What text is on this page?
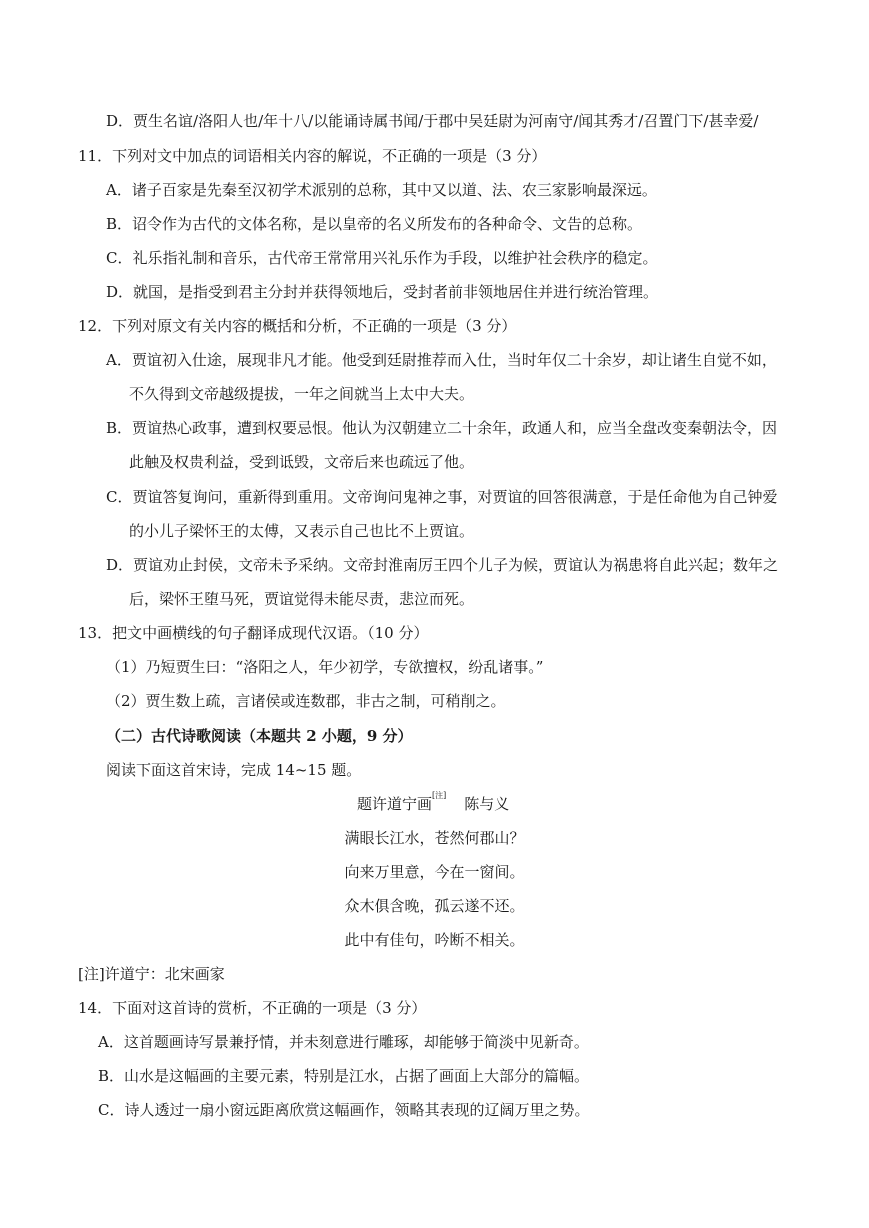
D．贾生名谊/洛阳人也/年十八/以能诵诗属书闻/于郡中吴廷尉为河南守/闻其秀才/召置门下/甚幸爱/
11．下列对文中加点的词语相关内容的解说，不正确的一项是（3 分）
A．诸子百家是先秦至汉初学术派别的总称，其中又以道、法、农三家影响最深远。
B．诏令作为古代的文体名称，是以皇帝的名义所发布的各种命令、文告的总称。
C．礼乐指礼制和音乐，古代帝王常常用兴礼乐作为手段，以维护社会秩序的稳定。
D．就国，是指受到君主分封并获得领地后，受封者前非领地居住并进行统治管理。
12．下列对原文有关内容的概括和分析，不正确的一项是（3 分）
A．贾谊初入仕途，展现非凡才能。他受到廷尉推荐而入仕，当时年仅二十余岁，却让诸生自觉不如，
不久得到文帝越级提拔，一年之间就当上太中大夫。
B．贾谊热心政事，遭到权要忌恨。他认为汉朝建立二十余年，政通人和，应当全盘改变秦朝法令，因
此触及权贵利益，受到诋毁，文帝后来也疏远了他。
C．贾谊答复询问，重新得到重用。文帝询问鬼神之事，对贾谊的回答很满意，于是任命他为自己钟爱
的小儿子梁怀王的太傅，又表示自己也比不上贾谊。
D．贾谊劝止封侯，文帝未予采纳。文帝封淮南厉王四个儿子为候，贾谊认为祸患将自此兴起；数年之
后，梁怀王堕马死，贾谊觉得未能尽责，悲泣而死。
13．把文中画横线的句子翻译成现代汉语。（10 分）
（1）乃短贾生曰：“洛阳之人，年少初学，专欲擅权，纷乱诸事。”
（2）贾生数上疏，言诸侯或连数郡，非古之制，可稍削之。
（二）古代诗歌阅读（本题共 2 小题，9 分）
阅读下面这首宋诗，完成 14~15 题。
题许道宁画[注] 陈与义
满眼长江水，苍然何郡山？
向来万里意，今在一窗间。
众木俱含晚，孤云遂不还。
此中有佳句，吟断不相关。
[注]许道宁：北宋画家
14．下面对这首诗的赏析，不正确的一项是（3 分）
A．这首题画诗写景兼抒情，并未刻意进行雕琢，却能够于简淡中见新奇。
B．山水是这幅画的主要元素，特别是江水，占据了画面上大部分的篇幅。
C．诗人透过一扇小窗远距离欣赏这幅画作，领略其表现的辽阔万里之势。
